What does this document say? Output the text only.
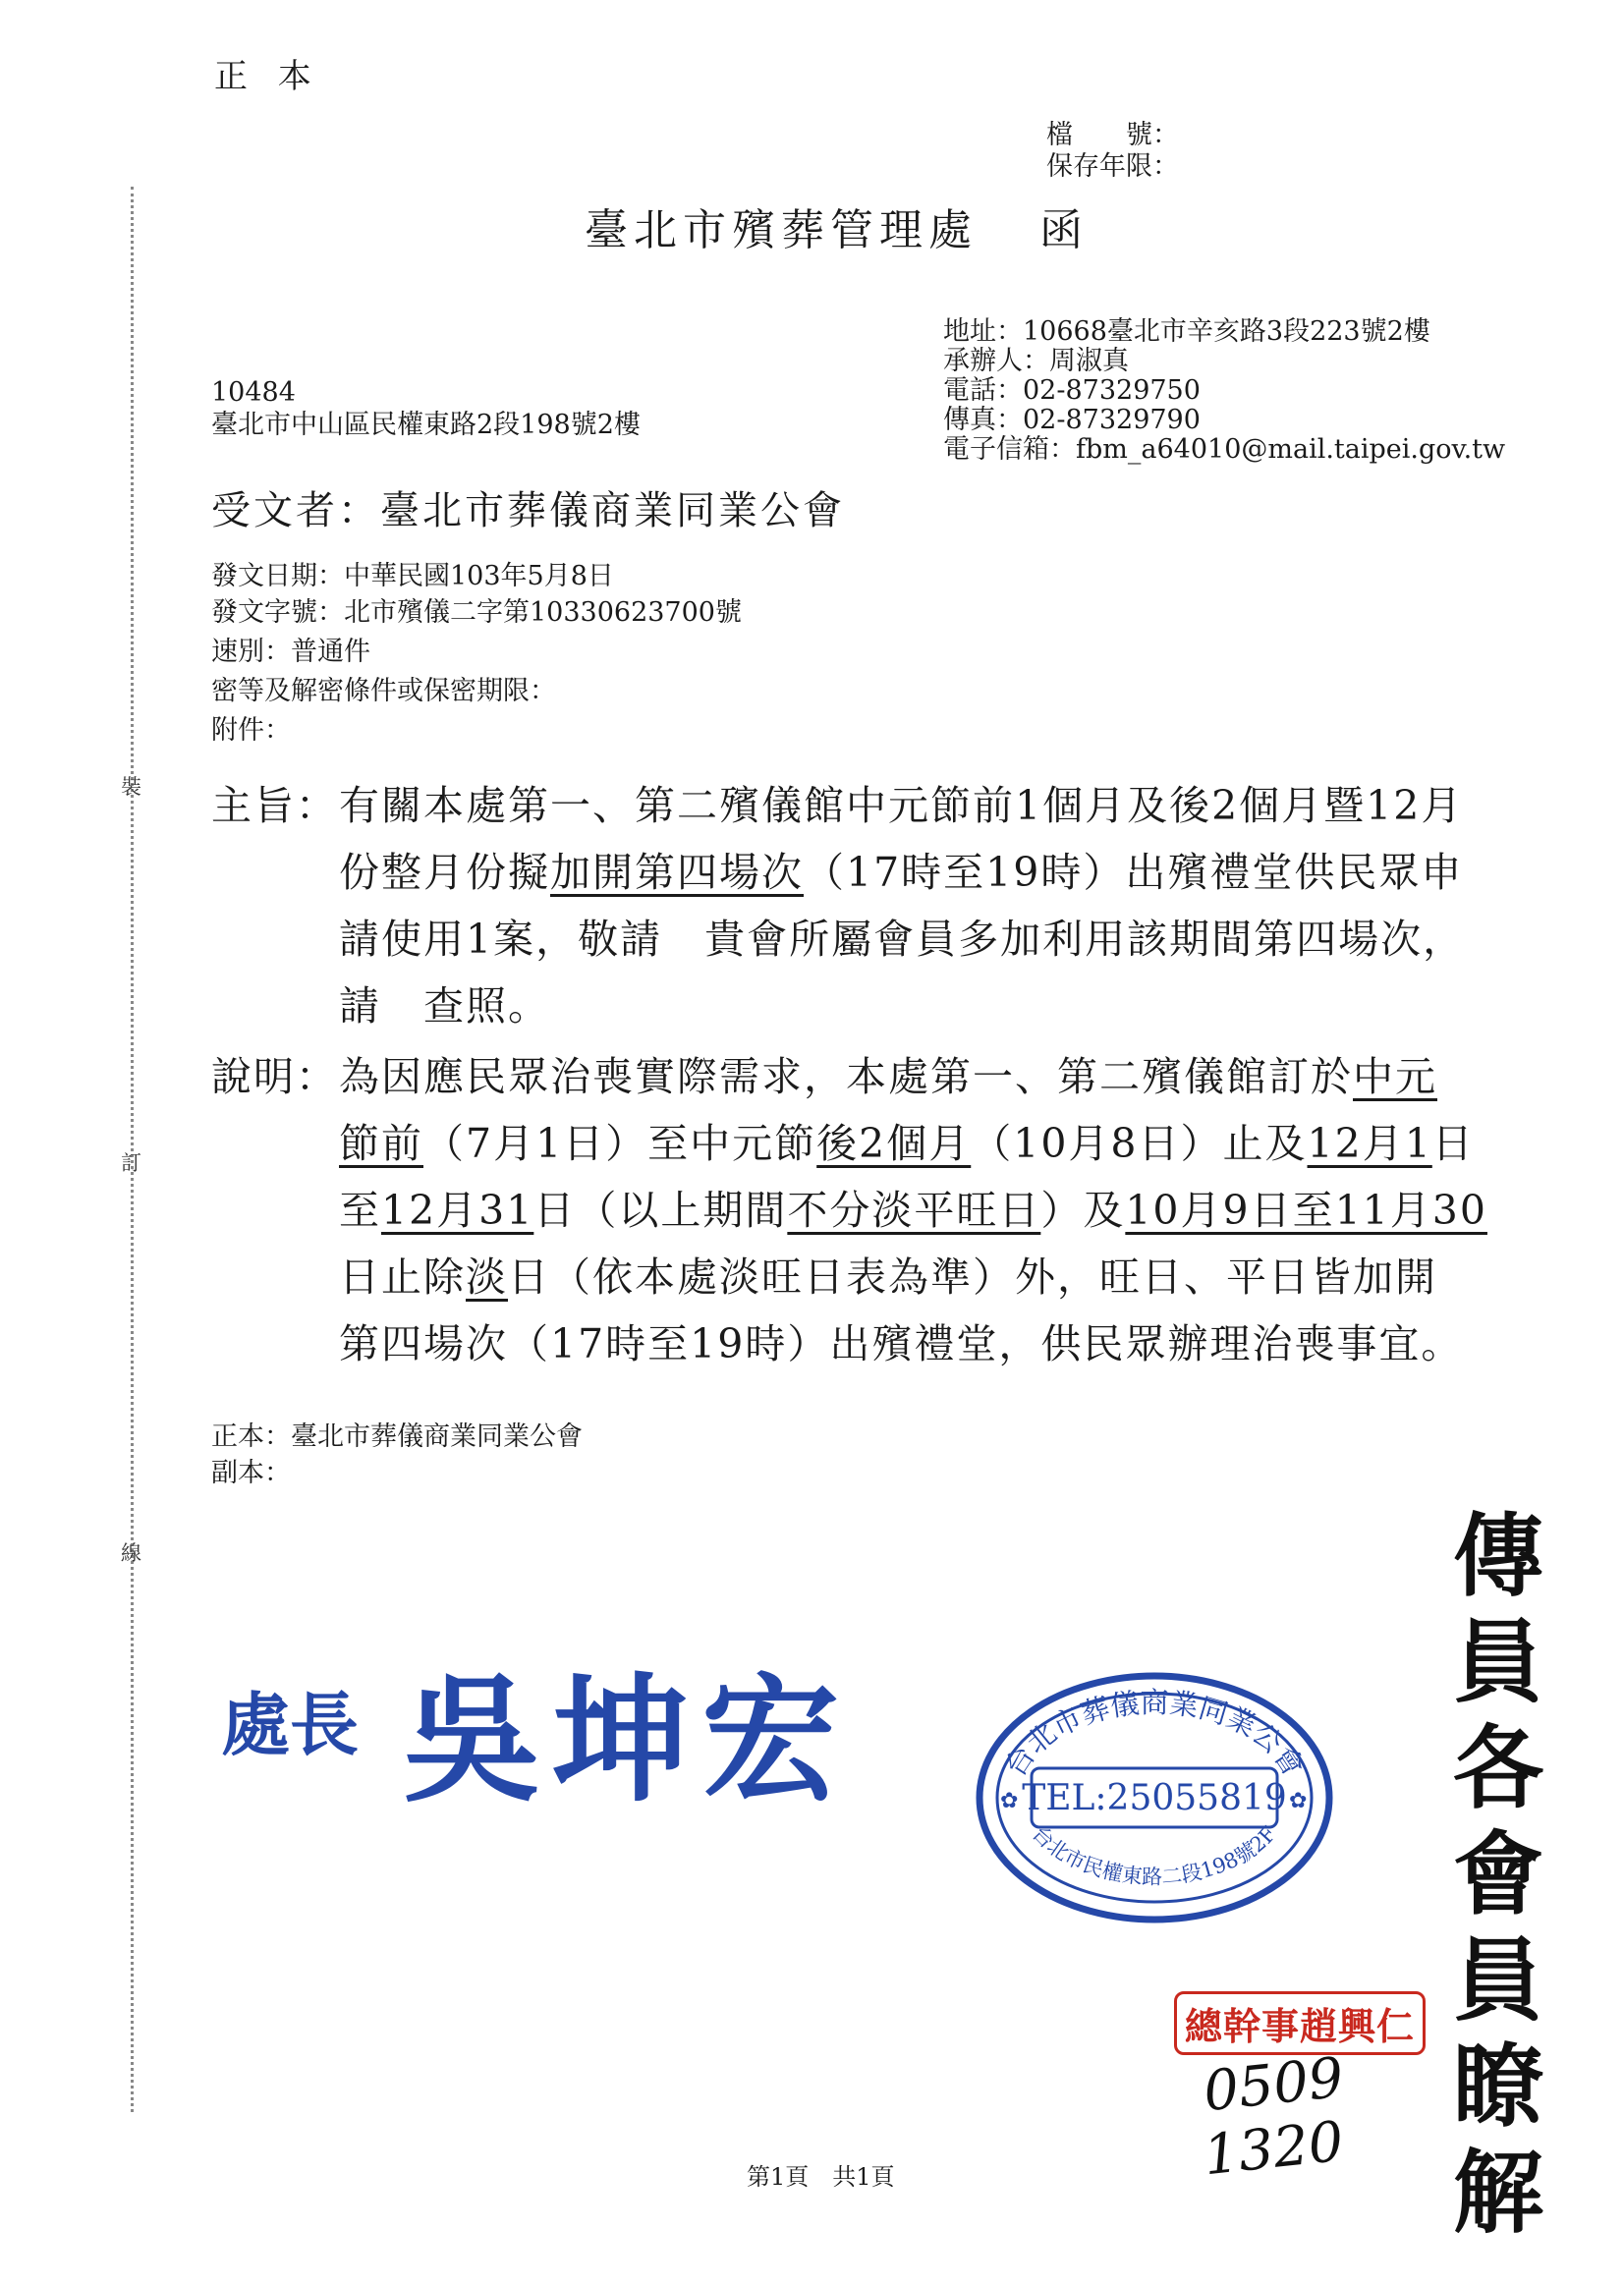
裝
訂
線
正 本
檔　　號：
保存年限：
臺北市殯葬管理處 函
地址：10668臺北市辛亥路3段223號2樓
承辦人：周淑真
電話：02-87329750
傳真：02-87329790
電子信箱：fbm_a64010@mail.taipei.gov.tw
10484
臺北市中山區民權東路2段198號2樓
受文者：臺北市葬儀商業同業公會
發文日期：中華民國103年5月8日
發文字號：北市殯儀二字第10330623700號
速別：普通件
密等及解密條件或保密期限：
附件：
主旨： 有關本處第一、第二殯儀館中元節前1個月及後2個月暨12月
份整月份擬加開第四場次（17時至19時）出殯禮堂供民眾申
請使用1案，敬請　貴會所屬會員多加利用該期間第四場次，
請　查照。
說明： 為因應民眾治喪實際需求，本處第一、第二殯儀館訂於中元
節前（7月1日）至中元節後2個月（10月8日）止及12月1日
至12月31日（以上期間不分淡平旺日）及10月9日至11月30
日止除淡日（依本處淡旺日表為準）外，旺日、平日皆加開
第四場次（17時至19時）出殯禮堂，供民眾辦理治喪事宜。
正本：臺北市葬儀商業同業公會
副本：
處長 吳坤宏	台北市葬儀商業同業公會
TEL:25055819
台北市民權東路二段198號2F
✿	✿
總幹事趙興仁
傳
員
各
會
員
瞭
解
0509
1320
第1頁　共1頁
